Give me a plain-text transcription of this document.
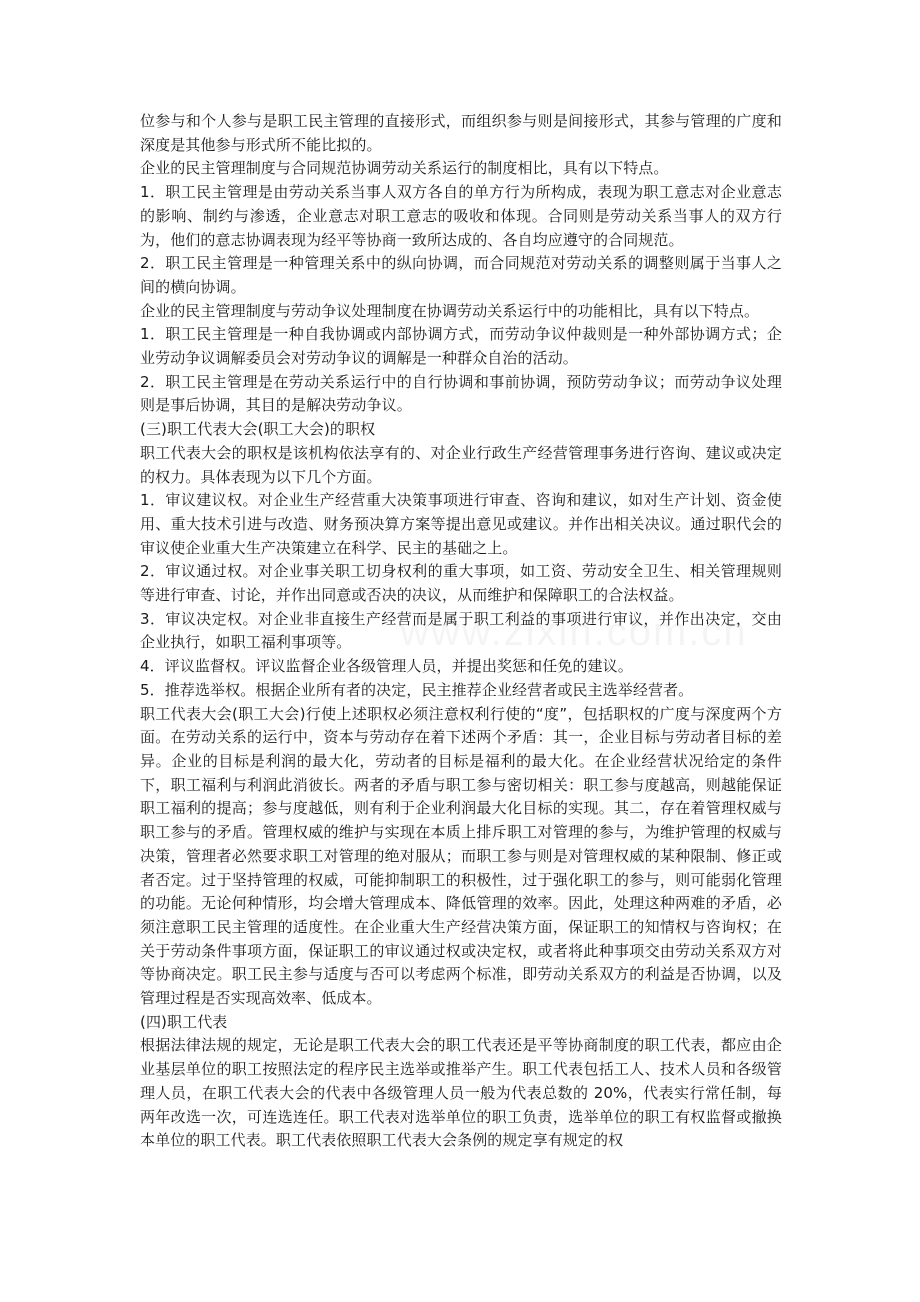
位参与和个人参与是职工民主管理的直接形式，而组织参与则是间接形式，其参与管理的广度和深度是其他参与形式所不能比拟的。

企业的民主管理制度与合同规范协调劳动关系运行的制度相比，具有以下特点。

1．职工民主管理是由劳动关系当事人双方各自的单方行为所构成，表现为职工意志对企业意志的影响、制约与渗透，企业意志对职工意志的吸收和体现。合同则是劳动关系当事人的双方行为，他们的意志协调表现为经平等协商一致所达成的、各自均应遵守的合同规范。

2．职工民主管理是一种管理关系中的纵向协调，而合同规范对劳动关系的调整则属于当事人之间的横向协调。

企业的民主管理制度与劳动争议处理制度在协调劳动关系运行中的功能相比，具有以下特点。

1．职工民主管理是一种自我协调或内部协调方式，而劳动争议仲裁则是一种外部协调方式；企业劳动争议调解委员会对劳动争议的调解是一种群众自治的活动。

2．职工民主管理是在劳动关系运行中的自行协调和事前协调，预防劳动争议；而劳动争议处理则是事后协调，其目的是解决劳动争议。

(三)职工代表大会(职工大会)的职权

职工代表大会的职权是该机构依法享有的、对企业行政生产经营管理事务进行咨询、建议或决定的权力。具体表现为以下几个方面。

1．审议建议权。对企业生产经营重大决策事项进行审查、咨询和建议，如对生产计划、资金使用、重大技术引进与改造、财务预决算方案等提出意见或建议。并作出相关决议。通过职代会的审议使企业重大生产决策建立在科学、民主的基础之上。

2．审议通过权。对企业事关职工切身权利的重大事项，如工资、劳动安全卫生、相关管理规则等进行审查、讨论，并作出同意或否决的决议，从而维护和保障职工的合法权益。

3．审议决定权。对企业非直接生产经营而是属于职工利益的事项进行审议，并作出决定，交由企业执行，如职工福利事项等。

4．评议监督权。评议监督企业各级管理人员，并提出奖惩和任免的建议。

5．推荐选举权。根据企业所有者的决定，民主推荐企业经营者或民主选举经营者。

职工代表大会(职工大会)行使上述职权必须注意权利行使的“度”，包括职权的广度与深度两个方面。在劳动关系的运行中，资本与劳动存在着下述两个矛盾：其一，企业目标与劳动者目标的差异。企业的目标是利润的最大化，劳动者的目标是福利的最大化。在企业经营状况给定的条件下，职工福利与利润此消彼长。两者的矛盾与职工参与密切相关：职工参与度越高，则越能保证职工福利的提高；参与度越低，则有利于企业利润最大化目标的实现。其二，存在着管理权威与职工参与的矛盾。管理权威的维护与实现在本质上排斥职工对管理的参与，为维护管理的权威与决策，管理者必然要求职工对管理的绝对服从；而职工参与则是对管理权威的某种限制、修正或者否定。过于坚持管理的权威，可能抑制职工的积极性，过于强化职工的参与，则可能弱化管理的功能。无论何种情形，均会增大管理成本、降低管理的效率。因此，处理这种两难的矛盾，必须注意职工民主管理的适度性。在企业重大生产经营决策方面，保证职工的知情权与咨询权；在关于劳动条件事项方面，保证职工的审议通过权或决定权，或者将此种事项交由劳动关系双方对等协商决定。职工民主参与适度与否可以考虑两个标准，即劳动关系双方的利益是否协调，以及管理过程是否实现高效率、低成本。

(四)职工代表

根据法律法规的规定，无论是职工代表大会的职工代表还是平等协商制度的职工代表，都应由企业基层单位的职工按照法定的程序民主选举或推举产生。职工代表包括工人、技术人员和各级管理人员，在职工代表大会的代表中各级管理人员一般为代表总数的 20%，代表实行常任制，每两年改选一次，可连选连任。职工代表对选举单位的职工负责，选举单位的职工有权监督或撤换本单位的职工代表。职工代表依照职工代表大会条例的规定享有规定的权
